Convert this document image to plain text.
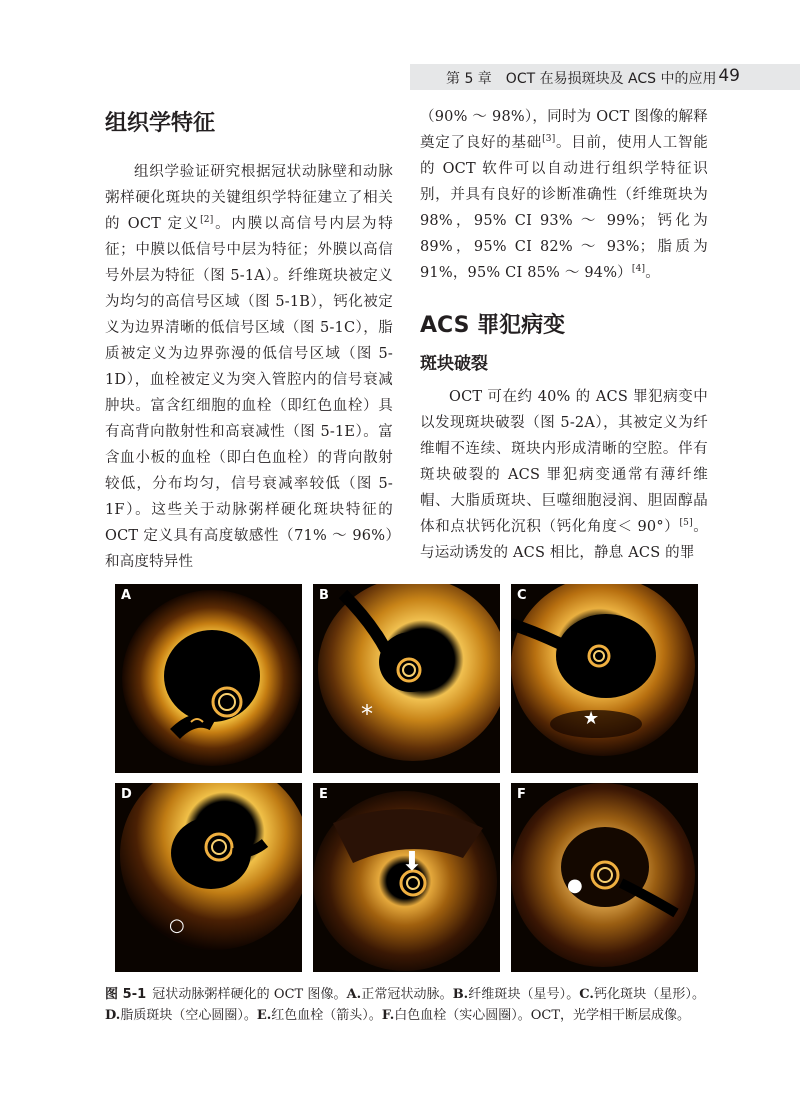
第 5 章　OCT 在易损斑块及 ACS 中的应用 49
组织学特征

组织学验证研究根据冠状动脉壁和动脉粥样硬化斑块的关键组织学特征建立了相关的 OCT 定义[2]。内膜以高信号内层为特征；中膜以低信号中层为特征；外膜以高信号外层为特征（图 5-1A）。纤维斑块被定义为均匀的高信号区域（图 5-1B），钙化被定义为边界清晰的低信号区域（图 5-1C），脂质被定义为边界弥漫的低信号区域（图 5-1D），血栓被定义为突入管腔内的信号衰减肿块。富含红细胞的血栓（即红色血栓）具有高背向散射性和高衰减性（图 5-1E）。富含血小板的血栓（即白色血栓）的背向散射较低，分布均匀，信号衰减率较低（图 5-1F）。这些关于动脉粥样硬化斑块特征的 OCT 定义具有高度敏感性（71% ～ 96%）和高度特异性

（90% ～ 98%），同时为 OCT 图像的解释奠定了良好的基础[3]。目前，使用人工智能的 OCT 软件可以自动进行组织学特征识别，并具有良好的诊断准确性（纤维斑块为 98%，95% CI 93% ～ 99%；钙化为 89%，95% CI 82% ～ 93%；脂质为 91%，95% CI 85% ～ 94%）[4]。

ACS 罪犯病变
斑块破裂

OCT 可在约 40% 的 ACS 罪犯病变中以发现斑块破裂（图 5-2A），其被定义为纤维帽不连续、斑块内形成清晰的空腔。伴有斑块破裂的 ACS 罪犯病变通常有薄纤维帽、大脂质斑块、巨噬细胞浸润、胆固醇晶体和点状钙化沉积（钙化角度＜ 90°）[5]。与运动诱发的 ACS 相比，静息 ACS 的罪

A	B
*
C
★
D
○
E
⬇
F
●
图 5-1 冠状动脉粥样硬化的 OCT 图像。A.正常冠状动脉。B.纤维斑块（星号）。C.钙化斑块（星形）。D.脂质斑块（空心圆圈）。E.红色血栓（箭头）。F.白色血栓（实心圆圈）。OCT，光学相干断层成像。
